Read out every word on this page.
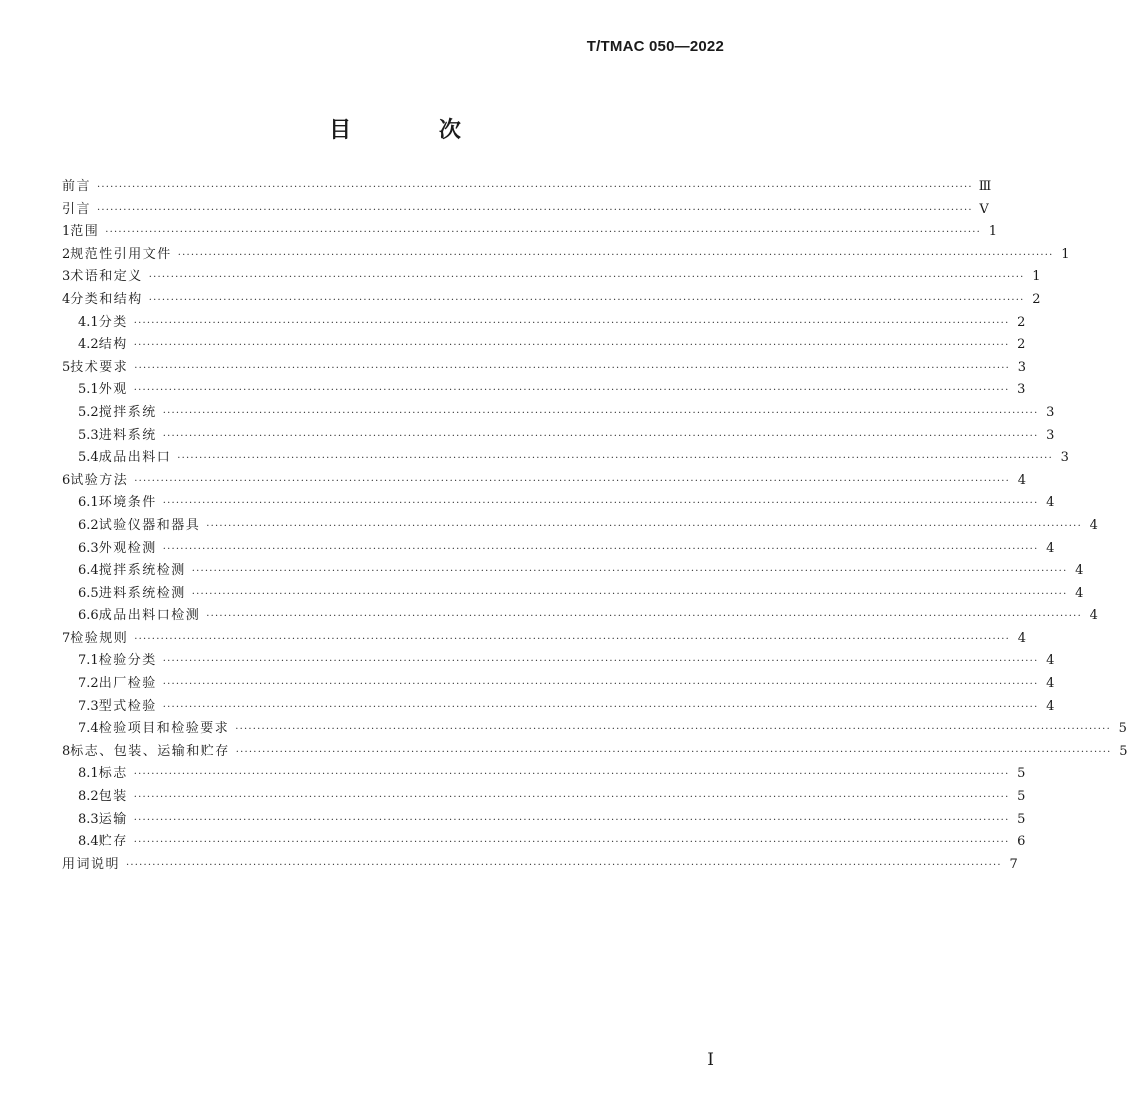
T/TMAC 050—2022
目 次
前言 ········································································································································································································ Ⅲ
引言 ········································································································································································································ Ⅴ
1 范围 ········································································································································································································ 1
2 规范性引用文件 ········································································································································································································ 1
3 术语和定义 ········································································································································································································ 1
4 分类和结构 ········································································································································································································ 2
4.1 分类 ········································································································································································································ 2
4.2 结构 ········································································································································································································ 2
5 技术要求 ········································································································································································································ 3
5.1 外观 ········································································································································································································ 3
5.2 搅拌系统 ········································································································································································································ 3
5.3 进料系统 ········································································································································································································ 3
5.4 成品出料口 ········································································································································································································ 3
6 试验方法 ········································································································································································································ 4
6.1 环境条件 ········································································································································································································ 4
6.2 试验仪器和器具 ········································································································································································································ 4
6.3 外观检测 ········································································································································································································ 4
6.4 搅拌系统检测 ········································································································································································································ 4
6.5 进料系统检测 ········································································································································································································ 4
6.6 成品出料口检测 ········································································································································································································ 4
7 检验规则 ········································································································································································································ 4
7.1 检验分类 ········································································································································································································ 4
7.2 出厂检验 ········································································································································································································ 4
7.3 型式检验 ········································································································································································································ 4
7.4 检验项目和检验要求 ········································································································································································································ 5
8 标志、包装、运输和贮存 ········································································································································································································ 5
8.1 标志 ········································································································································································································ 5
8.2 包装 ········································································································································································································ 5
8.3 运输 ········································································································································································································ 5
8.4 贮存 ········································································································································································································ 6
用词说明 ········································································································································································································ 7
Ⅰ
